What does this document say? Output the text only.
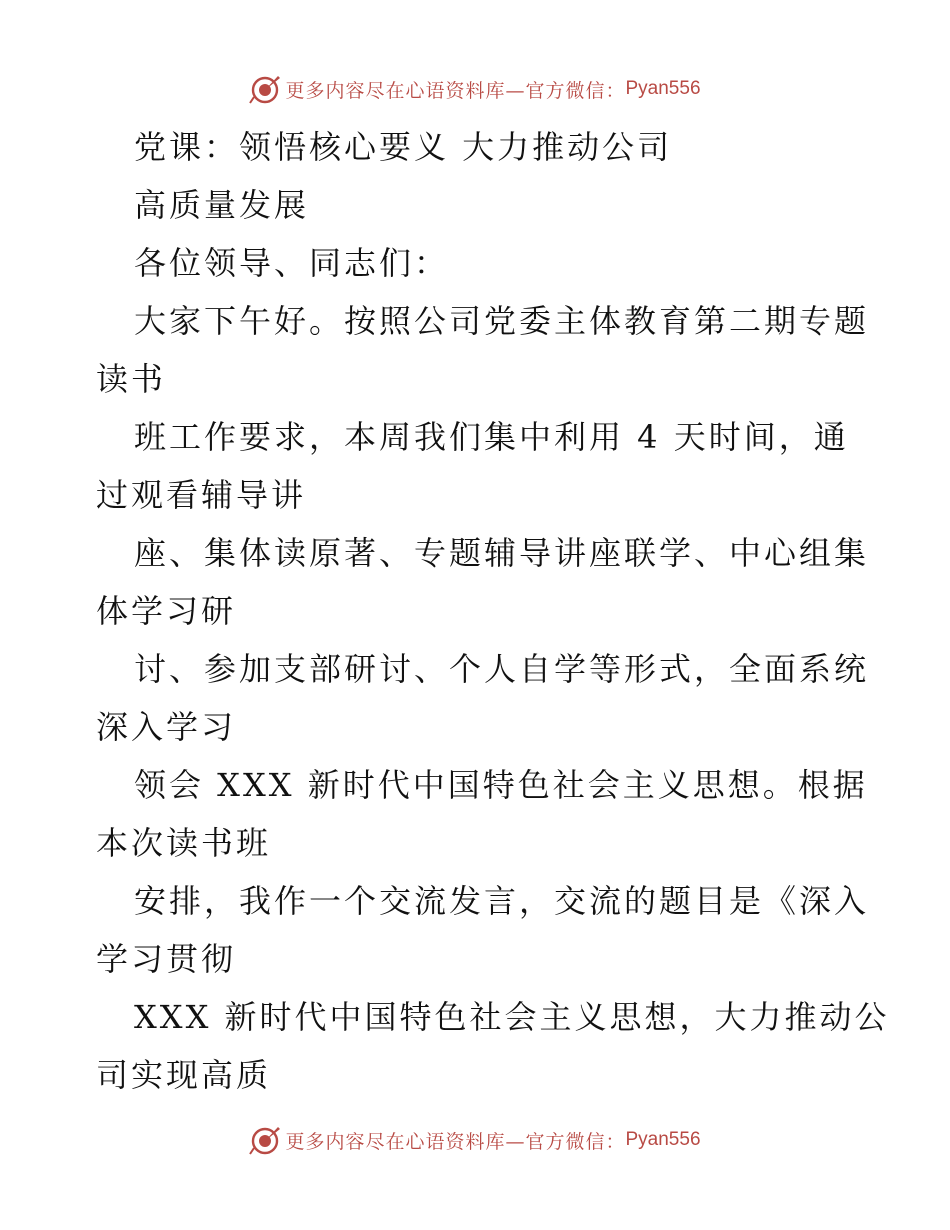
更多内容尽在心语资料库—官方微信： Pyan556
党课：领悟核心要义 大力推动公司
高质量发展
各位领导、同志们：
大家下午好。按照公司党委主体教育第二期专题
读书
班工作要求，本周我们集中利用 4 天时间，通
过观看辅导讲
座、集体读原著、专题辅导讲座联学、中心组集
体学习研
讨、参加支部研讨、个人自学等形式，全面系统
深入学习
领会 XXX 新时代中国特色社会主义思想。根据
本次读书班
安排，我作一个交流发言，交流的题目是《深入
学习贯彻
XXX 新时代中国特色社会主义思想，大力推动公
司实现高质
更多内容尽在心语资料库—官方微信： Pyan556
